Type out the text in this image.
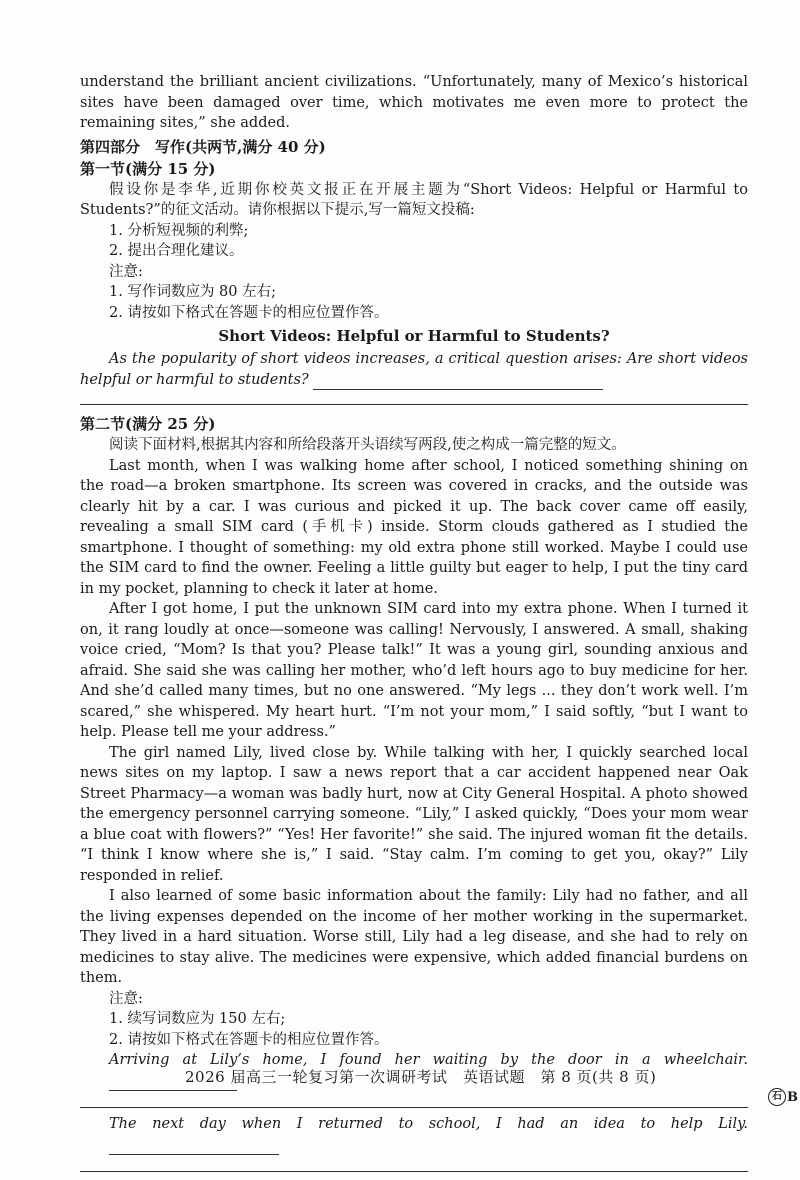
understand the brilliant ancient civilizations. “Unfortunately, many of Mexico’s historical sites have been damaged over time, which motivates me even more to protect the remaining sites,” she added.

第四部分　写作(共两节,满分 40 分)
第一节(满分 15 分)

假设你是李华,近期你校英文报正在开展主题为“Short Videos: Helpful or Harmful to Students?”的征文活动。请你根据以下提示,写一篇短文投稿:

1. 分析短视频的利弊;

2. 提出合理化建议。

注意:

1. 写作词数应为 80 左右;

2. 请按如下格式在答题卡的相应位置作答。

Short Videos: Helpful or Harmful to Students?

As the popularity of short videos increases, a critical question arises: Are short videos helpful or harmful to students?

第二节(满分 25 分)

阅读下面材料,根据其内容和所给段落开头语续写两段,使之构成一篇完整的短文。

Last month, when I was walking home after school, I noticed something shining on the road—a broken smartphone. Its screen was covered in cracks, and the outside was clearly hit by a car. I was curious and picked it up. The back cover came off easily, revealing a small SIM card (手机卡) inside. Storm clouds gathered as I studied the smartphone. I thought of something: my old extra phone still worked. Maybe I could use the SIM card to find the owner. Feeling a little guilty but eager to help, I put the tiny card in my pocket, planning to check it later at home.

After I got home, I put the unknown SIM card into my extra phone. When I turned it on, it rang loudly at once—someone was calling! Nervously, I answered. A small, shaking voice cried, “Mom? Is that you? Please talk!” It was a young girl, sounding anxious and afraid. She said she was calling her mother, who’d left hours ago to buy medicine for her. And she’d called many times, but no one answered. “My legs ... they don’t work well. I’m scared,” she whispered. My heart hurt. “I’m not your mom,” I said softly, “but I want to help. Please tell me your address.”

The girl named Lily, lived close by. While talking with her, I quickly searched local news sites on my laptop. I saw a news report that a car accident happened near Oak Street Pharmacy—a woman was badly hurt, now at City General Hospital. A photo showed the emergency personnel carrying someone. “Lily,” I asked quickly, “Does your mom wear a blue coat with flowers?” “Yes! Her favorite!” she said. The injured woman fit the details. “I think I know where she is,” I said. “Stay calm. I’m coming to get you, okay?” Lily responded in relief.

I also learned of some basic information about the family: Lily had no father, and all the living expenses depended on the income of her mother working in the supermarket. They lived in a hard situation. Worse still, Lily had a leg disease, and she had to rely on medicines to stay alive. The medicines were expensive, which added financial burdens on them.

注意:

1. 续写词数应为 150 左右;

2. 请按如下格式在答题卡的相应位置作答。

Arriving at Lily’s home, I found her waiting by the door in a wheelchair.

The next day when I returned to school, I had an idea to help Lily.

2026 届高三一轮复习第一次调研考试　英语试题　第 8 页(共 8 页)
石 B
